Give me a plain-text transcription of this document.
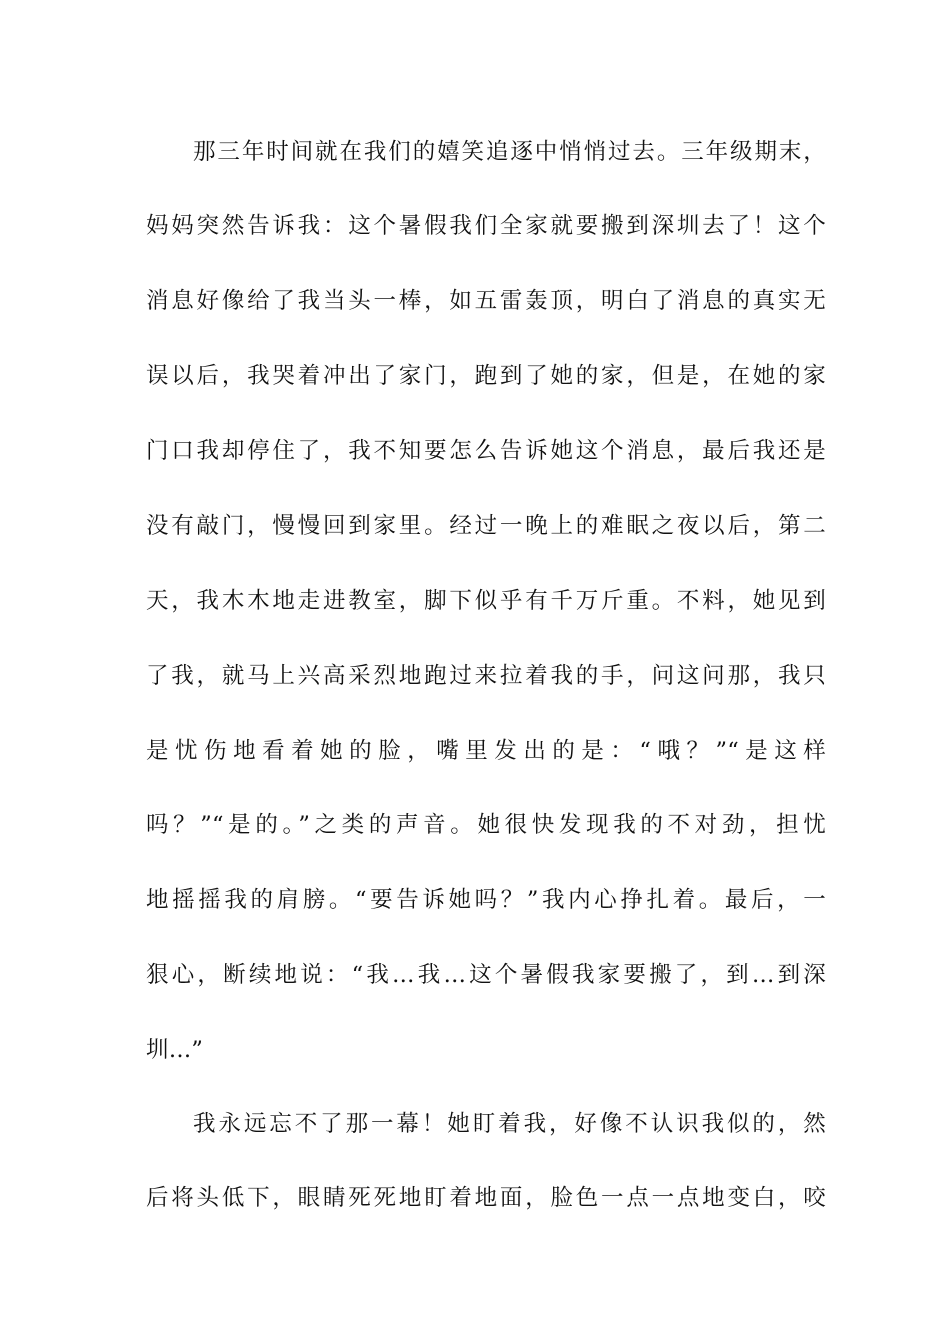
那三年时间就在我们的嬉笑追逐中悄悄过去。三年级期末，
妈妈突然告诉我：这个暑假我们全家就要搬到深圳去了！这个
消息好像给了我当头一棒，如五雷轰顶，明白了消息的真实无
误以后，我哭着冲出了家门，跑到了她的家，但是，在她的家
门口我却停住了，我不知要怎么告诉她这个消息，最后我还是
没有敲门，慢慢回到家里。经过一晚上的难眠之夜以后，第二
天，我木木地走进教室，脚下似乎有千万斤重。不料，她见到
了我，就马上兴高采烈地跑过来拉着我的手，问这问那，我只
是忧伤地看着她的脸，嘴里发出的是：“哦？”“是这样
吗？”“是的。”之类的声音。她很快发现我的不对劲，担忧
地摇摇我的肩膀。“要告诉她吗？”我内心挣扎着。最后，一
狠心，断续地说：“我…我…这个暑假我家要搬了，到…到深
圳…”
我永远忘不了那一幕！她盯着我，好像不认识我似的，然
后将头低下，眼睛死死地盯着地面，脸色一点一点地变白，咬
